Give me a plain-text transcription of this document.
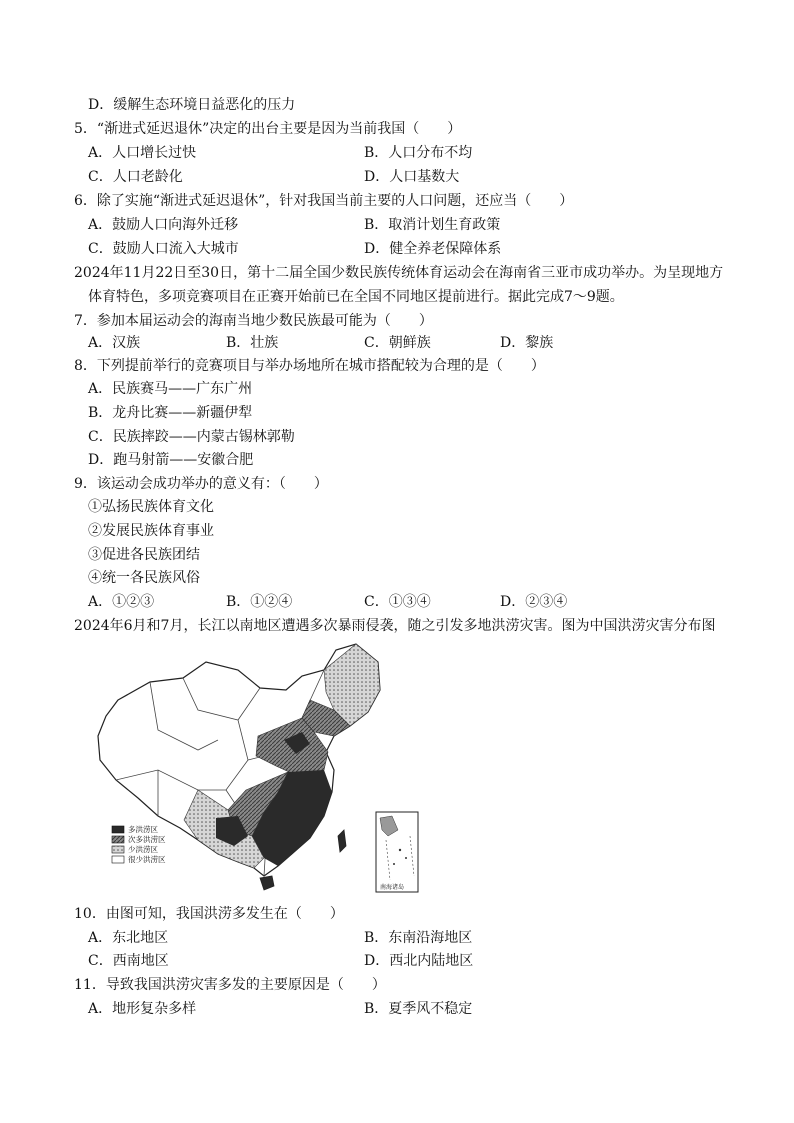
D．缓解生态环境日益恶化的压力
5．“渐进式延迟退休”决定的出台主要是因为当前我国（　　）
A．人口增长过快	B．人口分布不均
C．人口老龄化	D．人口基数大
6．除了实施“渐进式延迟退休”，针对我国当前主要的人口问题，还应当（　　）
A．鼓励人口向海外迁移	B．取消计划生育政策
C．鼓励人口流入大城市	D．健全养老保障体系
2024年11月22日至30日，第十二届全国少数民族传统体育运动会在海南省三亚市成功举办。为呈现地方
体育特色，多项竞赛项目在正赛开始前已在全国不同地区提前进行。据此完成7～9题。
7．参加本届运动会的海南当地少数民族最可能为（　　）
A．汉族	B．壮族	C．朝鲜族	D．黎族
8．下列提前举行的竞赛项目与举办场地所在城市搭配较为合理的是（　　）
A．民族赛马——广东广州
B．龙舟比赛——新疆伊犁
C．民族摔跤——内蒙古锡林郭勒
D．跑马射箭——安徽合肥
9．该运动会成功举办的意义有：（　　）
①弘扬民族体育文化
②发展民族体育事业
③促进各民族团结
④统一各民族风俗
A．①②③	B．①②④	C．①③④	D．②③④
2024年6月和7月，长江以南地区遭遇多次暴雨侵袭，随之引发多地洪涝灾害。图为中国洪涝灾害分布图
多洪涝区
次多洪涝区
少洪涝区
很少洪涝区
南海诸岛
10．由图可知，我国洪涝多发生在（　　）
A．东北地区	B．东南沿海地区
C．西南地区	D．西北内陆地区
11．导致我国洪涝灾害多发的主要原因是（　　）
A．地形复杂多样	B．夏季风不稳定
